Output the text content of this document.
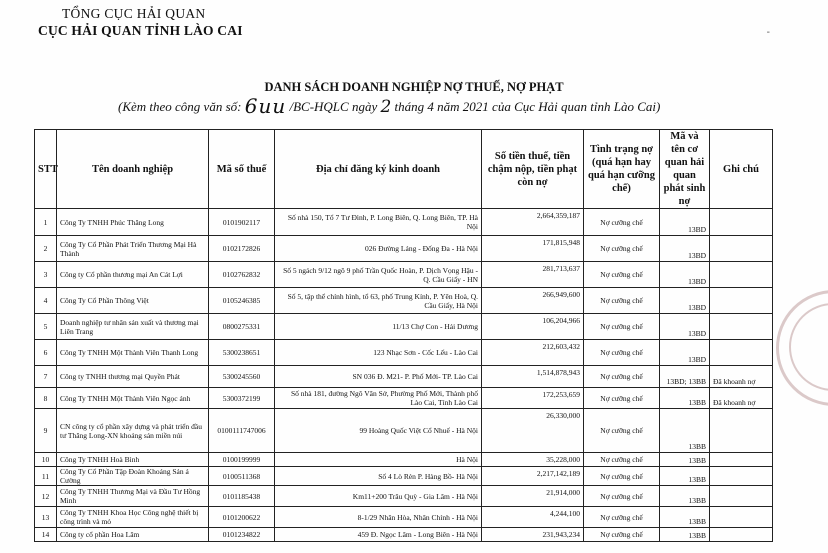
TỔNG CỤC HẢI QUAN
CỤC HẢI QUAN TỈNH LÀO CAI	-
DANH SÁCH DOANH NGHIỆP NỢ THUẾ, NỢ PHẠT
(Kèm theo công văn số: 6uu /BC-HQLC ngày 2 tháng 4 năm 2021 của Cục Hải quan tỉnh Lào Cai)
STT	Tên doanh nghiệp	Mã số thuế	Địa chỉ đăng ký kinh doanh	Số tiền thuế, tiền chậm nộp, tiền phạt còn nợ	Tình trạng nợ (quá hạn hay quá hạn cưỡng chế)	Mã và tên cơ quan hải quan phát sinh nợ	Ghi chú
1	Công Ty TNHH Phúc Thăng Long	0101902117	Số nhà 150, Tổ 7 Tư Đình, P. Long Biên, Q. Long Biên, TP. Hà Nội	2,664,359,187	Nợ cưỡng chế	13BD	
2	Công Ty Cổ Phần Phát Triển Thương Mại Hà Thành	0102172826	026 Đường Láng - Đống Đa - Hà Nội	171,815,948	Nợ cưỡng chế	13BD	
3	Công ty Cổ phần thương mại An Cát Lợi	0102762832	Số 5 ngách 9/12 ngõ 9 phố Trần Quốc Hoàn, P. Dịch Vọng Hậu - Q. Cầu Giấy - HN	281,713,637	Nợ cưỡng chế	13BD	
4	Công Ty Cổ Phần Thông Việt	0105246385	Số 5, tập thể chính hình, tổ 63, phố Trung Kính, P. Yên Hoà, Q. Cầu Giấy, Hà Nội	266,949,600	Nợ cưỡng chế	13BD	
5	Doanh nghiệp tư nhân sản xuất và thương mại Liên Trang	0800275331	11/13 Chợ Con - Hải Dương	106,204,966	Nợ cưỡng chế	13BD	
6	Công Ty TNHH Một Thành Viên Thanh Long	5300238651	123 Nhạc Sơn - Cốc Lếu - Lào Cai	212,603,432	Nợ cưỡng chế	13BD	
7	Công ty TNHH thương mại Quyền Phát	5300245560	SN 036 Đ. M21- P. Phố Mới- TP. Lào Cai	1,514,878,943	Nợ cưỡng chế	13BD; 13BB	Đã khoanh nợ
8	Công Ty TNHH Một Thành Viên Ngọc ánh	5300372199	Số nhà 181, đường Ngô Văn Sở, Phường Phố Mới, Thành phố Lào Cai, Tỉnh Lào Cai	172,253,659	Nợ cưỡng chế	13BB	Đã khoanh nợ
9	CN công ty cổ phần xây dựng và phát triển đầu tư Thăng Long-XN khoáng sản miền núi	0100111747006	99 Hoàng Quốc Việt Cổ Nhuế - Hà Nội	26,330,000	Nợ cưỡng chế	13BB	
10	Công Ty TNHH Hoà Bình	0100199999	Hà Nội	35,228,000	Nợ cưỡng chế	13BB	
11	Công Ty Cổ Phần Tập Đoàn Khoáng Sản á Cường	0100511368	Số 4 Lò Rèn P. Hàng Bồ- Hà Nội	2,217,142,189	Nợ cưỡng chế	13BB	
12	Công Ty TNHH Thương Mại và Đầu Tư Hồng Minh	0101185438	Km11+200 Trâu Quỳ - Gia Lâm - Hà Nội	21,914,000	Nợ cưỡng chế	13BB	
13	Công Ty TNHH Khoa Học Công nghệ thiết bị công trình và mỏ	0101200622	8-1/29 Nhân Hòa, Nhân Chính - Hà Nội	4,244,100	Nợ cưỡng chế	13BB	
14	Công ty cổ phần Hoa Lâm	0101234822	459 Đ. Ngọc Lâm - Long Biên - Hà Nội	231,943,234	Nợ cưỡng chế	13BB	
